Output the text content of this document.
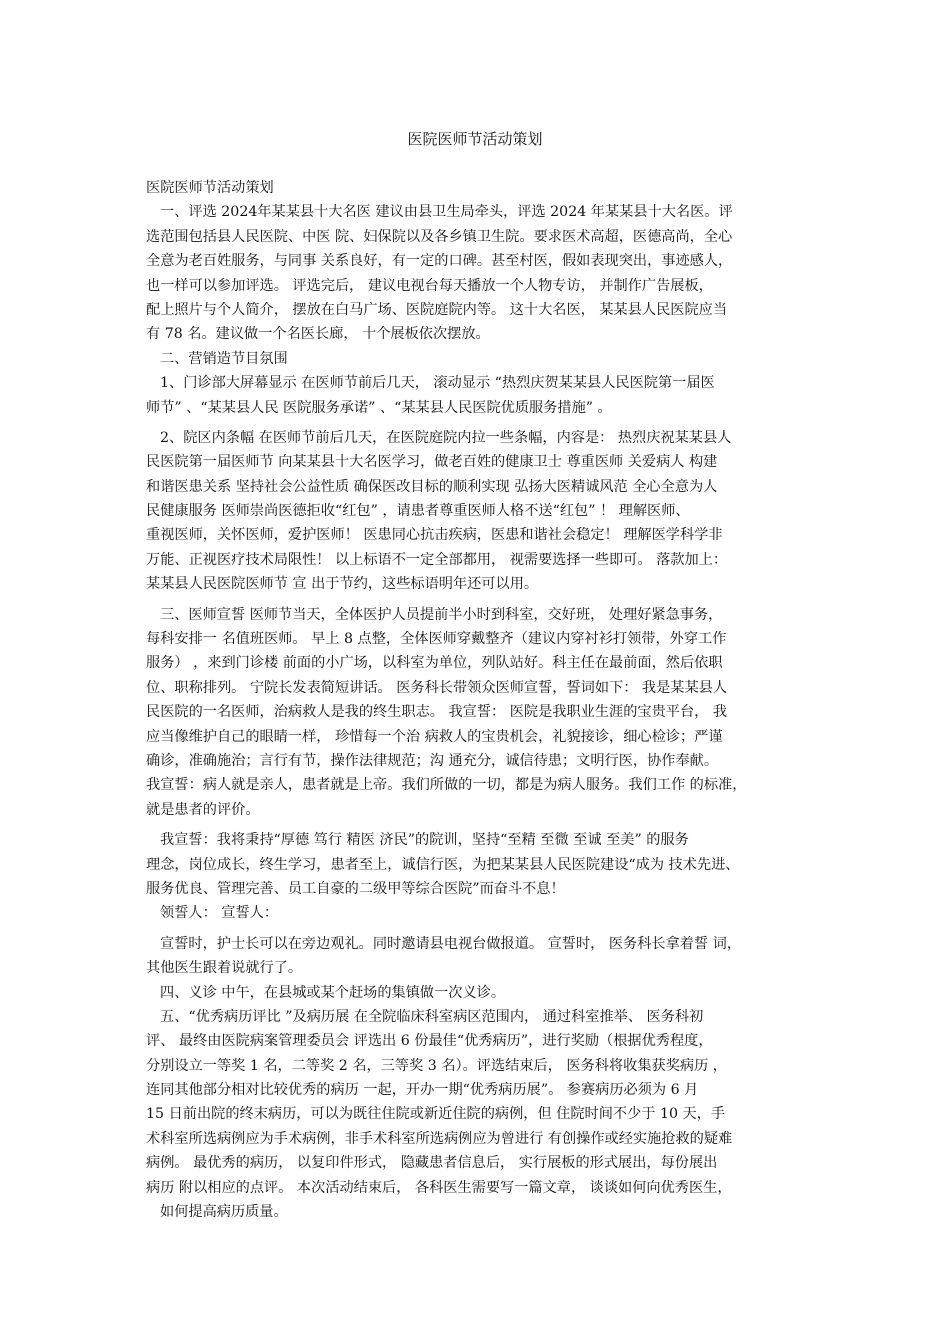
医院医师节活动策划
医院医师节活动策划
一、评选 2024年某某县十大名医 建议由县卫生局牵头，评选 2024 年某某县十大名医。评
选范围包括县人民医院、中医 院、妇保院以及各乡镇卫生院。要求医术高超，医德高尚，全心
全意为老百姓服务，与同事 关系良好，有一定的口碑。甚至村医，假如表现突出，事迹感人，
也一样可以参加评选。 评选完后， 建议电视台每天播放一个人物专访， 并制作广告展板，
配上照片与个人简介， 摆放在白马广场、医院庭院内等。 这十大名医， 某某县人民医院应当
有 78 名。建议做一个名医长廊， 十个展板依次摆放。
二、营销造节目氛围
1、门诊部大屏幕显示 在医师节前后几天， 滚动显示 “热烈庆贺某某县人民医院第一届医
师节” 、“某某县人民 医院服务承诺” 、“某某县人民医院优质服务措施” 。
2、院区内条幅 在医师节前后几天，在医院庭院内拉一些条幅，内容是： 热烈庆祝某某县人
民医院第一届医师节 向某某县十大名医学习，做老百姓的健康卫士 尊重医师 关爱病人 构建
和谐医患关系 坚持社会公益性质 确保医改目标的顺利实现 弘扬大医精诚风范 全心全意为人
民健康服务 医师崇尚医德拒收“红包” ，请患者尊重医师人格不送“红包” ！ 理解医师、
重视医师，关怀医师，爱护医师！ 医患同心抗击疾病，医患和谐社会稳定！ 理解医学科学非
万能、正视医疗技术局限性！ 以上标语不一定全部都用， 视需要选择一些即可。 落款加上：
某某县人民医院医师节 宣 出于节约，这些标语明年还可以用。
三、医师宣誓 医师节当天，全体医护人员提前半小时到科室，交好班， 处理好紧急事务，
每科安排一 名值班医师。 早上 8 点整，全体医师穿戴整齐（建议内穿衬衫打领带，外穿工作
服务） ，来到门诊楼 前面的小广场，以科室为单位，列队站好。科主任在最前面，然后依职
位、职称排列。 宁院长发表简短讲话。 医务科长带领众医师宣誓，誓词如下： 我是某某县人
民医院的一名医师，治病救人是我的终生职志。 我宣誓： 医院是我职业生涯的宝贵平台， 我
应当像维护自己的眼睛一样， 珍惜每一个治 病救人的宝贵机会，礼貌接诊，细心检诊；严谨
确诊，准确施治；言行有节，操作法律规范；沟 通充分，诚信待患；文明行医，协作奉献。
我宣誓：病人就是亲人，患者就是上帝。我们所做的一切，都是为病人服务。我们工作 的标准，
就是患者的评价。
我宣誓：我将秉持“厚德 笃行 精医 济民”的院训，坚持“至精 至微 至诚 至美” 的服务
理念，岗位成长，终生学习，患者至上，诚信行医，为把某某县人民医院建设“成为 技术先进、
服务优良、管理完善、员工自豪的二级甲等综合医院”而奋斗不息！
领誓人： 宣誓人：
宣誓时，护士长可以在旁边观礼。同时邀请县电视台做报道。 宣誓时， 医务科长拿着誓 词，
其他医生跟着说就行了。
四、义诊 中午，在县城或某个赶场的集镇做一次义诊。
五、“优秀病历评比 ”及病历展 在全院临床科室病区范围内， 通过科室推举、 医务科初
评、 最终由医院病案管理委员会 评选出 6 份最佳“优秀病历”，进行奖励（根据优秀程度，
分别设立一等奖 1 名，二等奖 2 名，三等奖 3 名）。评选结束后， 医务科将收集获奖病历 ，
连同其他部分相对比较优秀的病历 一起，开办一期“优秀病历展”。 参赛病历必须为 6 月
15 日前出院的终末病历，可以为既往住院或新近住院的病例，但 住院时间不少于 10 天，手
术科室所选病例应为手术病例，非手术科室所选病例应为曾进行 有创操作或经实施抢救的疑难
病例。 最优秀的病历， 以复印件形式， 隐藏患者信息后， 实行展板的形式展出，每份展出
病历 附以相应的点评。 本次活动结束后， 各科医生需要写一篇文章， 谈谈如何向优秀医生，
如何提高病历质量。
